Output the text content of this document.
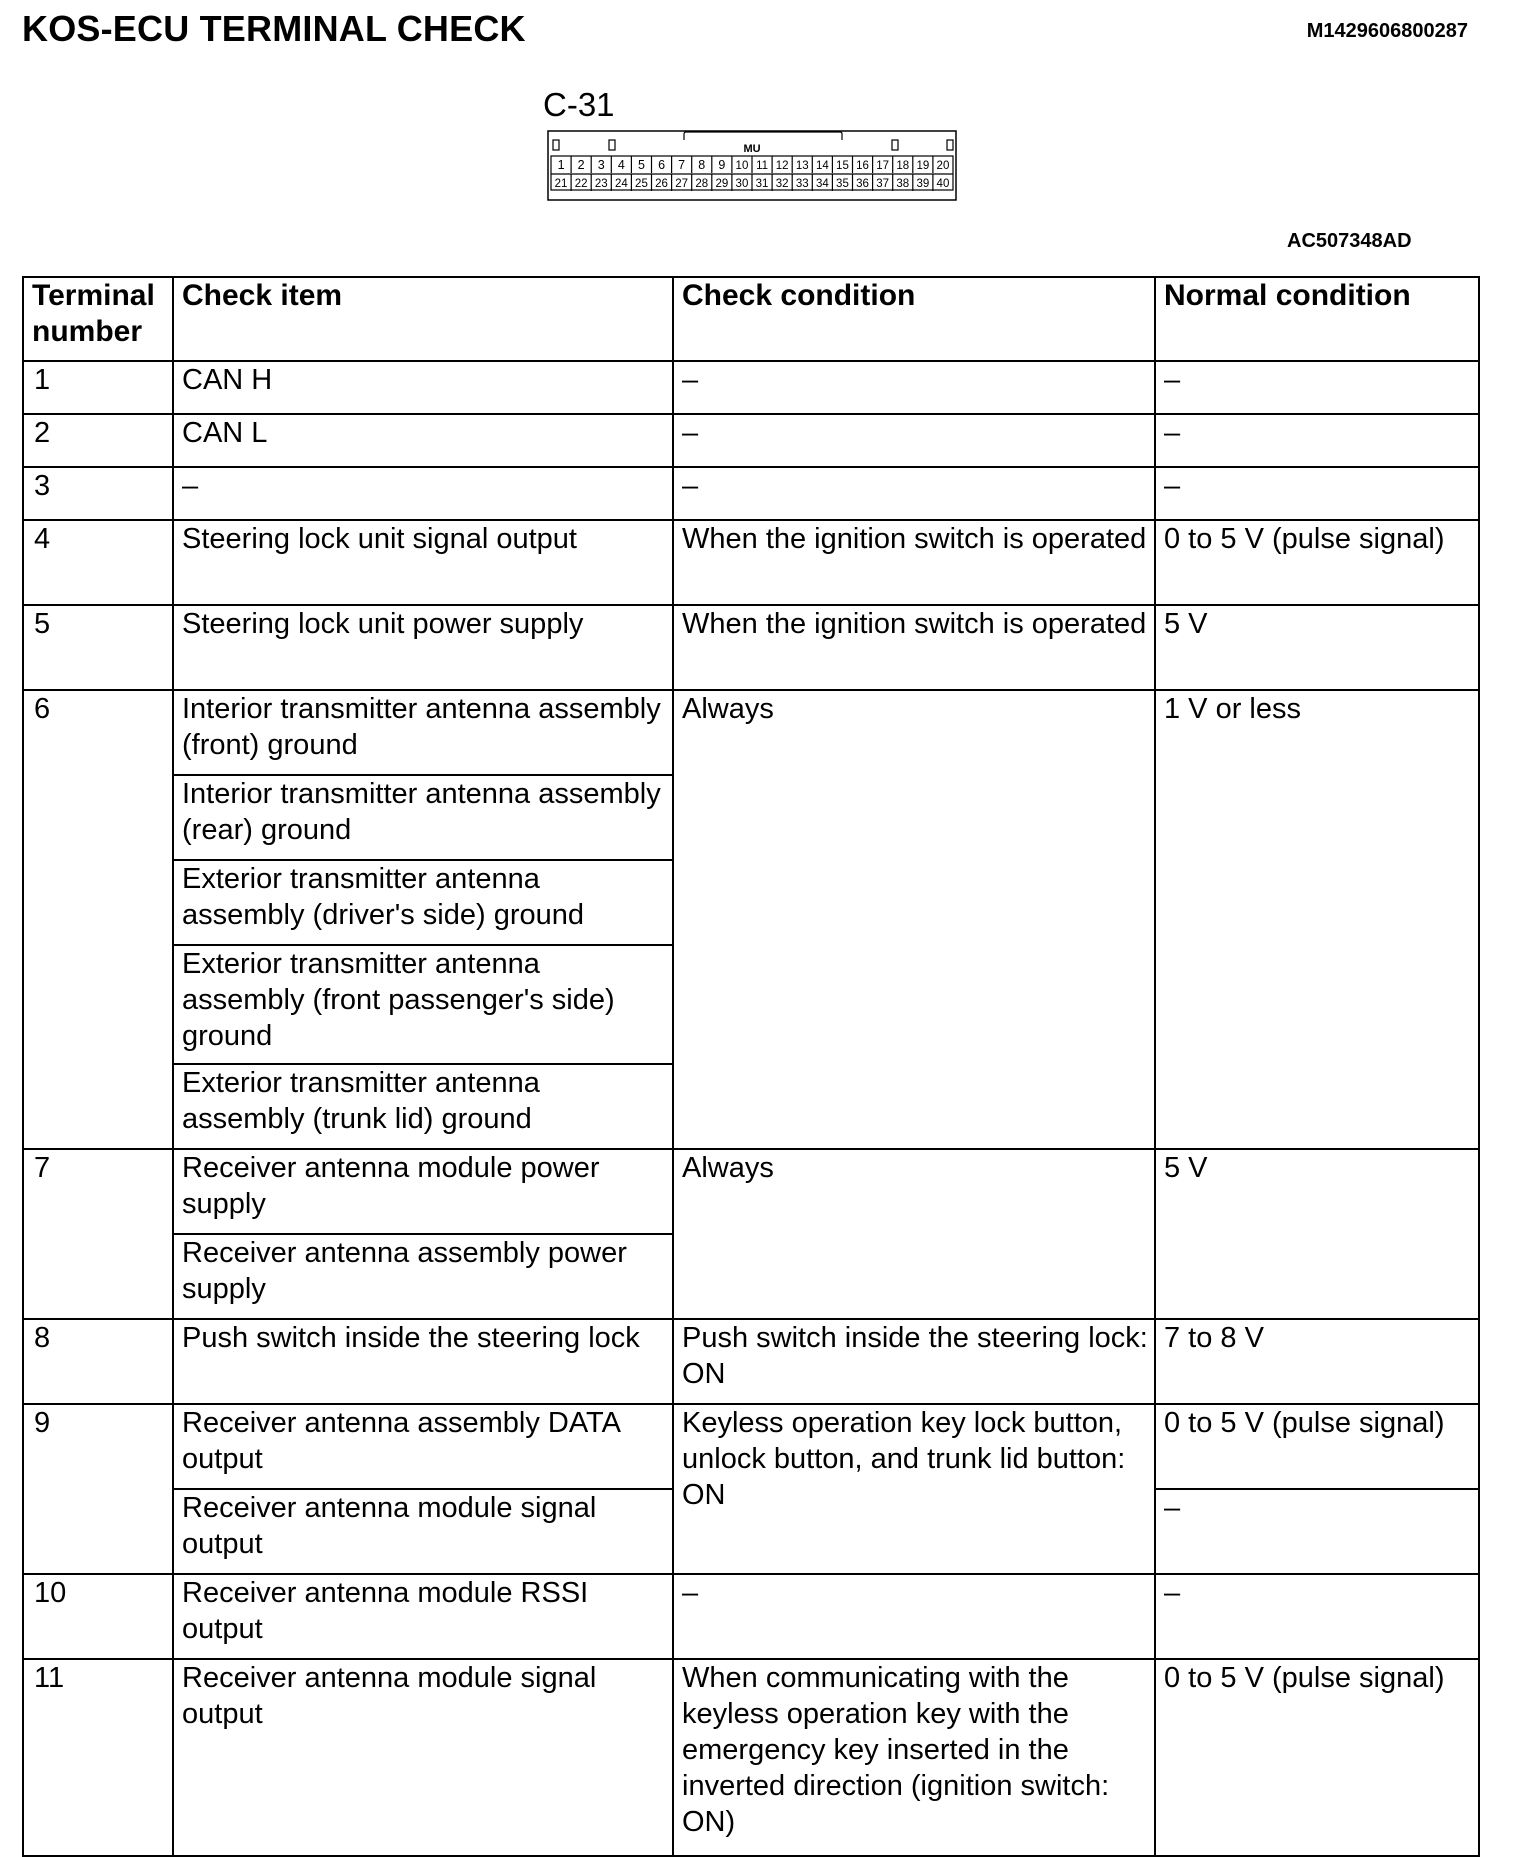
KOS-ECU TERMINAL CHECK	M1429606800287
C-31
MU
1 2 3 4 5 6 7 8 9 10 11 12 13 14 15 16 17 18 19 20
21 22 23 24 25 26 27 28 29 30 31 32 33 34 35 36 37 38 39 40
AC507348AD
Terminal number	Check item	Check condition	Normal condition
1	CAN H	–	–
2	CAN L	–	–
3	–	–	–
4	Steering lock unit signal output	When the ignition switch is operated	0 to 5 V (pulse signal)
5	Steering lock unit power supply	When the ignition switch is operated	5 V
6	Interior transmitter antenna assembly (front) ground	Always	1 V or less
	Interior transmitter antenna assembly (rear) ground		
	Exterior transmitter antenna assembly (driver's side) ground		
	Exterior transmitter antenna assembly (front passenger's side) ground		
	Exterior transmitter antenna assembly (trunk lid) ground		
7	Receiver antenna module power supply	Always	5 V
	Receiver antenna assembly power supply		
8	Push switch inside the steering lock	Push switch inside the steering lock: ON	7 to 8 V
9	Receiver antenna assembly DATA output	Keyless operation key lock button, unlock button, and trunk lid button: ON	0 to 5 V (pulse signal)
	Receiver antenna module signal output		–
10	Receiver antenna module RSSI output	–	–
11	Receiver antenna module signal output	When communicating with the keyless operation key with the emergency key inserted in the inverted direction (ignition switch: ON)	0 to 5 V (pulse signal)
